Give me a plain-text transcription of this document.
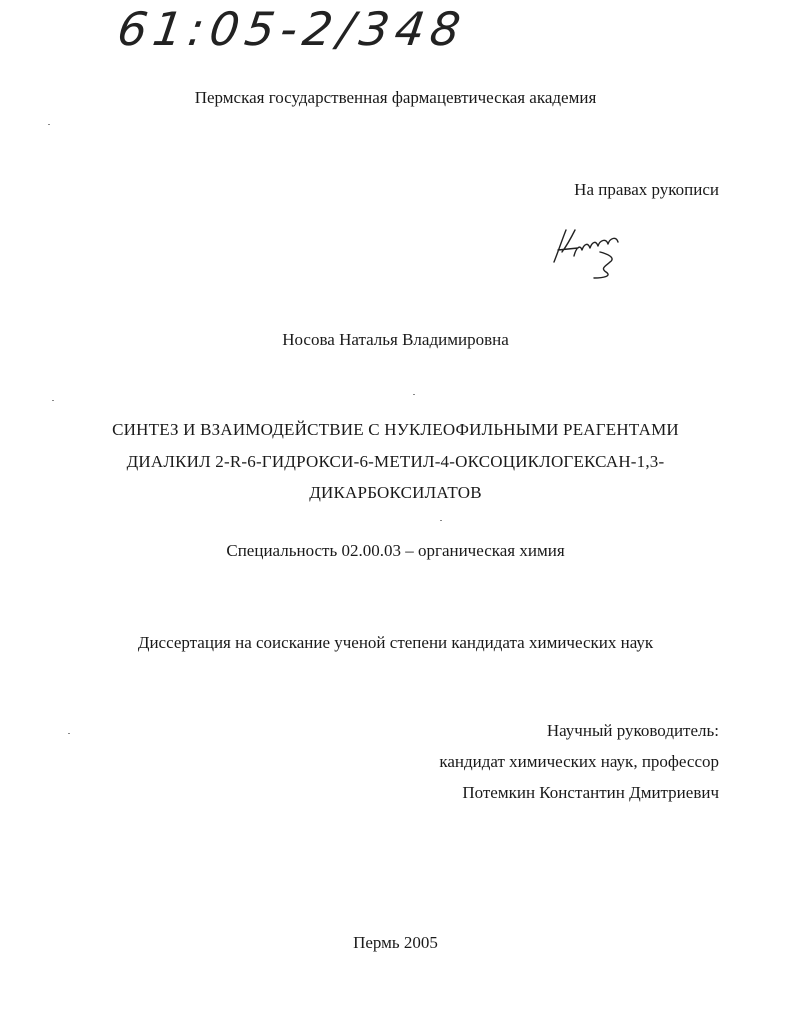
61:05-2/348
Пермская государственная фармацевтическая академия
На правах рукописи
Носова Наталья Владимировна
СИНТЕЗ И ВЗАИМОДЕЙСТВИЕ С НУКЛЕОФИЛЬНЫМИ РЕАГЕНТАМИ
ДИАЛКИЛ 2-R-6-ГИДРОКСИ-6-МЕТИЛ-4-ОКСОЦИКЛОГЕКСАН-1,3-
ДИКАРБОКСИЛАТОВ
Специальность 02.00.03 – органическая химия
Диссертация на соискание ученой степени кандидата химических наук
Научный руководитель:
кандидат химических наук, профессор
Потемкин Константин Дмитриевич
Пермь 2005
